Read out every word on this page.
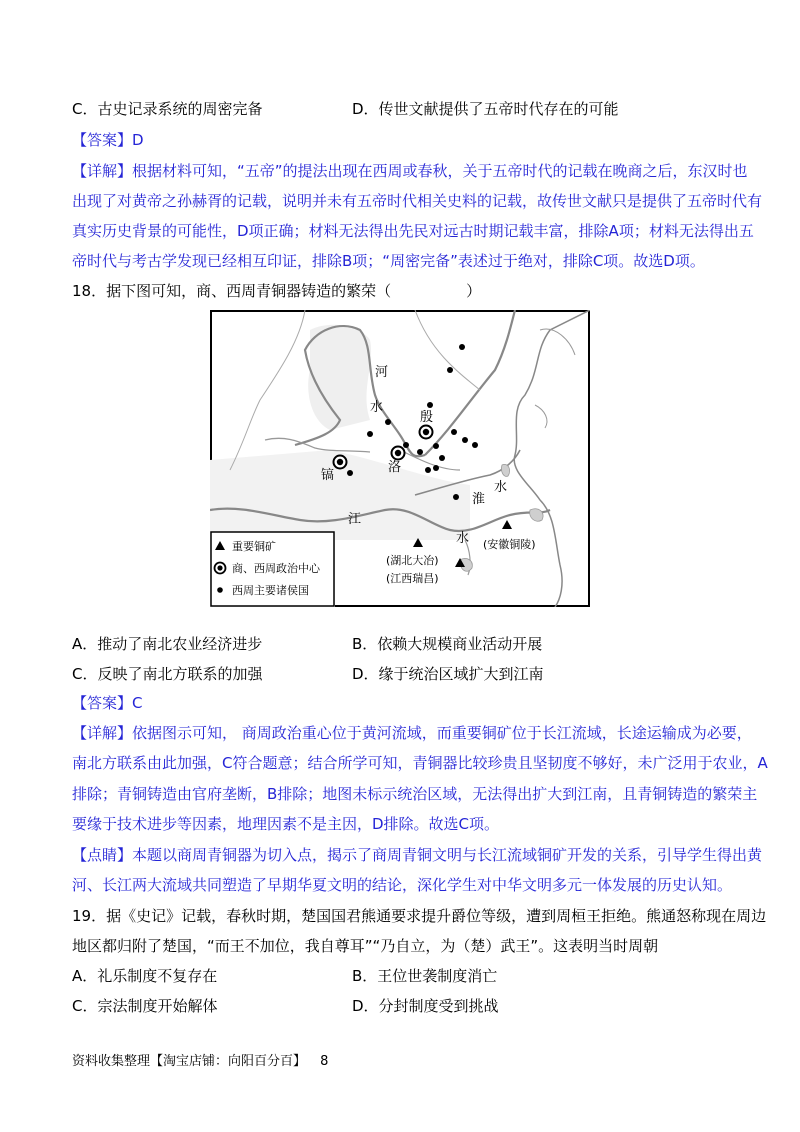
C．古史记录系统的周密完备	D．传世文献提供了五帝时代存在的可能
【答案】D
【详解】根据材料可知，“五帝”的提法出现在西周或春秋，关于五帝时代的记载在晚商之后，东汉时也
出现了对黄帝之孙赫胥的记载，说明并未有五帝时代相关史料的记载，故传世文献只是提供了五帝时代有
真实历史背景的可能性，D项正确；材料无法得出先民对远古时期记载丰富，排除A项；材料无法得出五
帝时代与考古学发现已经相互印证，排除B项；“周密完备”表述过于绝对，排除C项。故选D项。
18．据下图可知，商、西周青铜器铸造的繁荣（　　　　　）
河
水
殷
洛
镐
淮
水
江
水
(湖北大冶)
(江西瑞昌)
(安徽铜陵)
重要铜矿
商、西周政治中心
西周主要诸侯国
A．推动了南北农业经济进步	B．依赖大规模商业活动开展
C．反映了南北方联系的加强	D．缘于统治区域扩大到江南
【答案】C
【详解】依据图示可知， 商周政治重心位于黄河流域，而重要铜矿位于长江流域，长途运输成为必要，
南北方联系由此加强，C符合题意；结合所学可知，青铜器比较珍贵且坚韧度不够好，未广泛用于农业，A
排除；青铜铸造由官府垄断，B排除；地图未标示统治区域，无法得出扩大到江南，且青铜铸造的繁荣主
要缘于技术进步等因素，地理因素不是主因，D排除。故选C项。
【点睛】本题以商周青铜器为切入点，揭示了商周青铜文明与长江流域铜矿开发的关系，引导学生得出黄
河、长江两大流域共同塑造了早期华夏文明的结论，深化学生对中华文明多元一体发展的历史认知。
19．据《史记》记载，春秋时期，楚国国君熊通要求提升爵位等级，遭到周桓王拒绝。熊通怒称现在周边
地区都归附了楚国，“而王不加位，我自尊耳”“乃自立，为（楚）武王”。这表明当时周朝
A．礼乐制度不复存在	B．王位世袭制度消亡
C．宗法制度开始解体	D．分封制度受到挑战
资料收集整理【淘宝店铺：向阳百分百】 8
